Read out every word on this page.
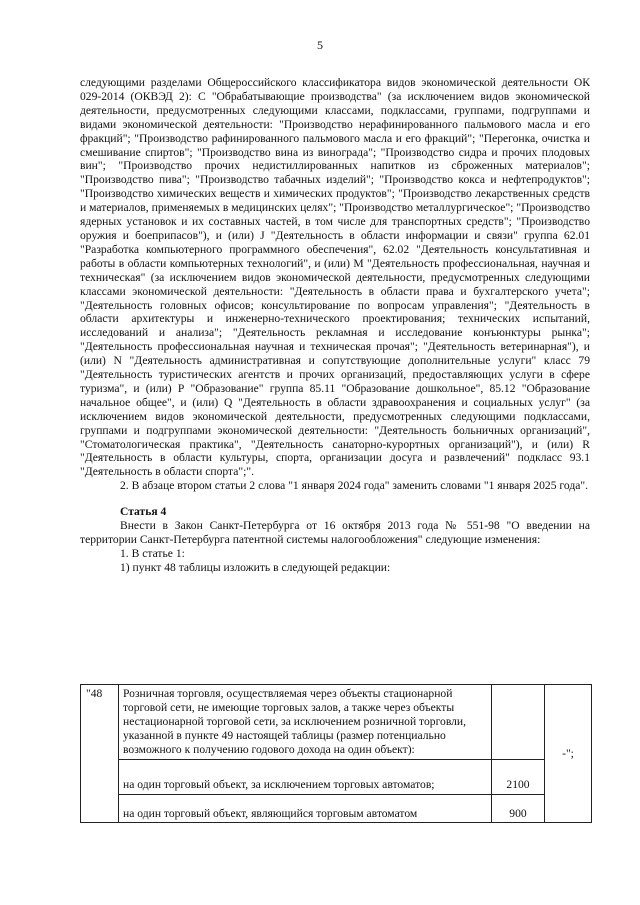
5

следующими разделами Общероссийского классификатора видов экономической деятельности ОК 029-2014 (ОКВЭД 2): С "Обрабатывающие производства" (за исключением видов экономической деятельности, предусмотренных следующими классами, подклассами, группами, подгруппами и видами экономической деятельности: "Производство нерафинированного пальмового масла и его фракций"; "Производство рафинированного пальмового масла и его фракций"; "Перегонка, очистка и смешивание спиртов"; "Производство вина из винограда"; "Производство сидра и прочих плодовых вин"; "Производство прочих недистиллированных напитков из сброженных материалов"; "Производство пива"; "Производство табачных изделий"; "Производство кокса и нефтепродуктов"; "Производство химических веществ и химических продуктов"; "Производство лекарственных средств и материалов, применяемых в медицинских целях"; "Производство металлургическое"; "Производство ядерных установок и их составных частей, в том числе для транспортных средств"; "Производство оружия и боеприпасов"), и (или) J "Деятельность в области информации и связи" группа 62.01 "Разработка компьютерного программного обеспечения", 62.02 "Деятельность консультативная и работы в области компьютерных технологий", и (или) М "Деятельность профессиональная, научная и техническая" (за исключением видов экономической деятельности, предусмотренных следующими классами экономической деятельности: "Деятельность в области права и бухгалтерского учета"; "Деятельность головных офисов; консультирование по вопросам управления"; "Деятельность в области архитектуры и инженерно-технического проектирования; технических испытаний, исследований и анализа"; "Деятельность рекламная и исследование конъюнктуры рынка"; "Деятельность профессиональная научная и техническая прочая"; "Деятельность ветеринарная"), и (или) N "Деятельность административная и сопутствующие дополнительные услуги" класс 79 "Деятельность туристических агентств и прочих организаций, предоставляющих услуги в сфере туризма", и (или) Р "Образование" группа 85.11 "Образование дошкольное", 85.12 "Образование начальное общее", и (или) Q "Деятельность в области здравоохранения и социальных услуг" (за исключением видов экономической деятельности, предусмотренных следующими подклассами, группами и подгруппами экономической деятельности: "Деятельность больничных организаций", "Стоматологическая практика", "Деятельность санаторно-курортных организаций"), и (или) R "Деятельность в области культуры, спорта, организации досуга и развлечений" подкласс 93.1 "Деятельность в области спорта";".

2. В абзаце втором статьи 2 слова "1 января 2024 года" заменить словами "1 января 2025 года".

Статья 4

Внести в Закон Санкт-Петербурга от 16 октября 2013 года № 551-98 "О введении на территории Санкт-Петербурга патентной системы налогообложения" следующие изменения:

1. В статье 1:

1) пункт 48 таблицы изложить в следующей редакции:

"48	Розничная торговля, осуществляемая через объекты стационарной торговой сети, не имеющие торговых залов, а также через объекты нестационарной торговой сети, за исключением розничной торговли, указанной в пункте 49 настоящей таблицы (размер потенциально возможного к получению годового дохода на один объект):		-";
	на один торговый объект, за исключением торговых автоматов;	2100	
	на один торговый объект, являющийся торговым автоматом	900	
